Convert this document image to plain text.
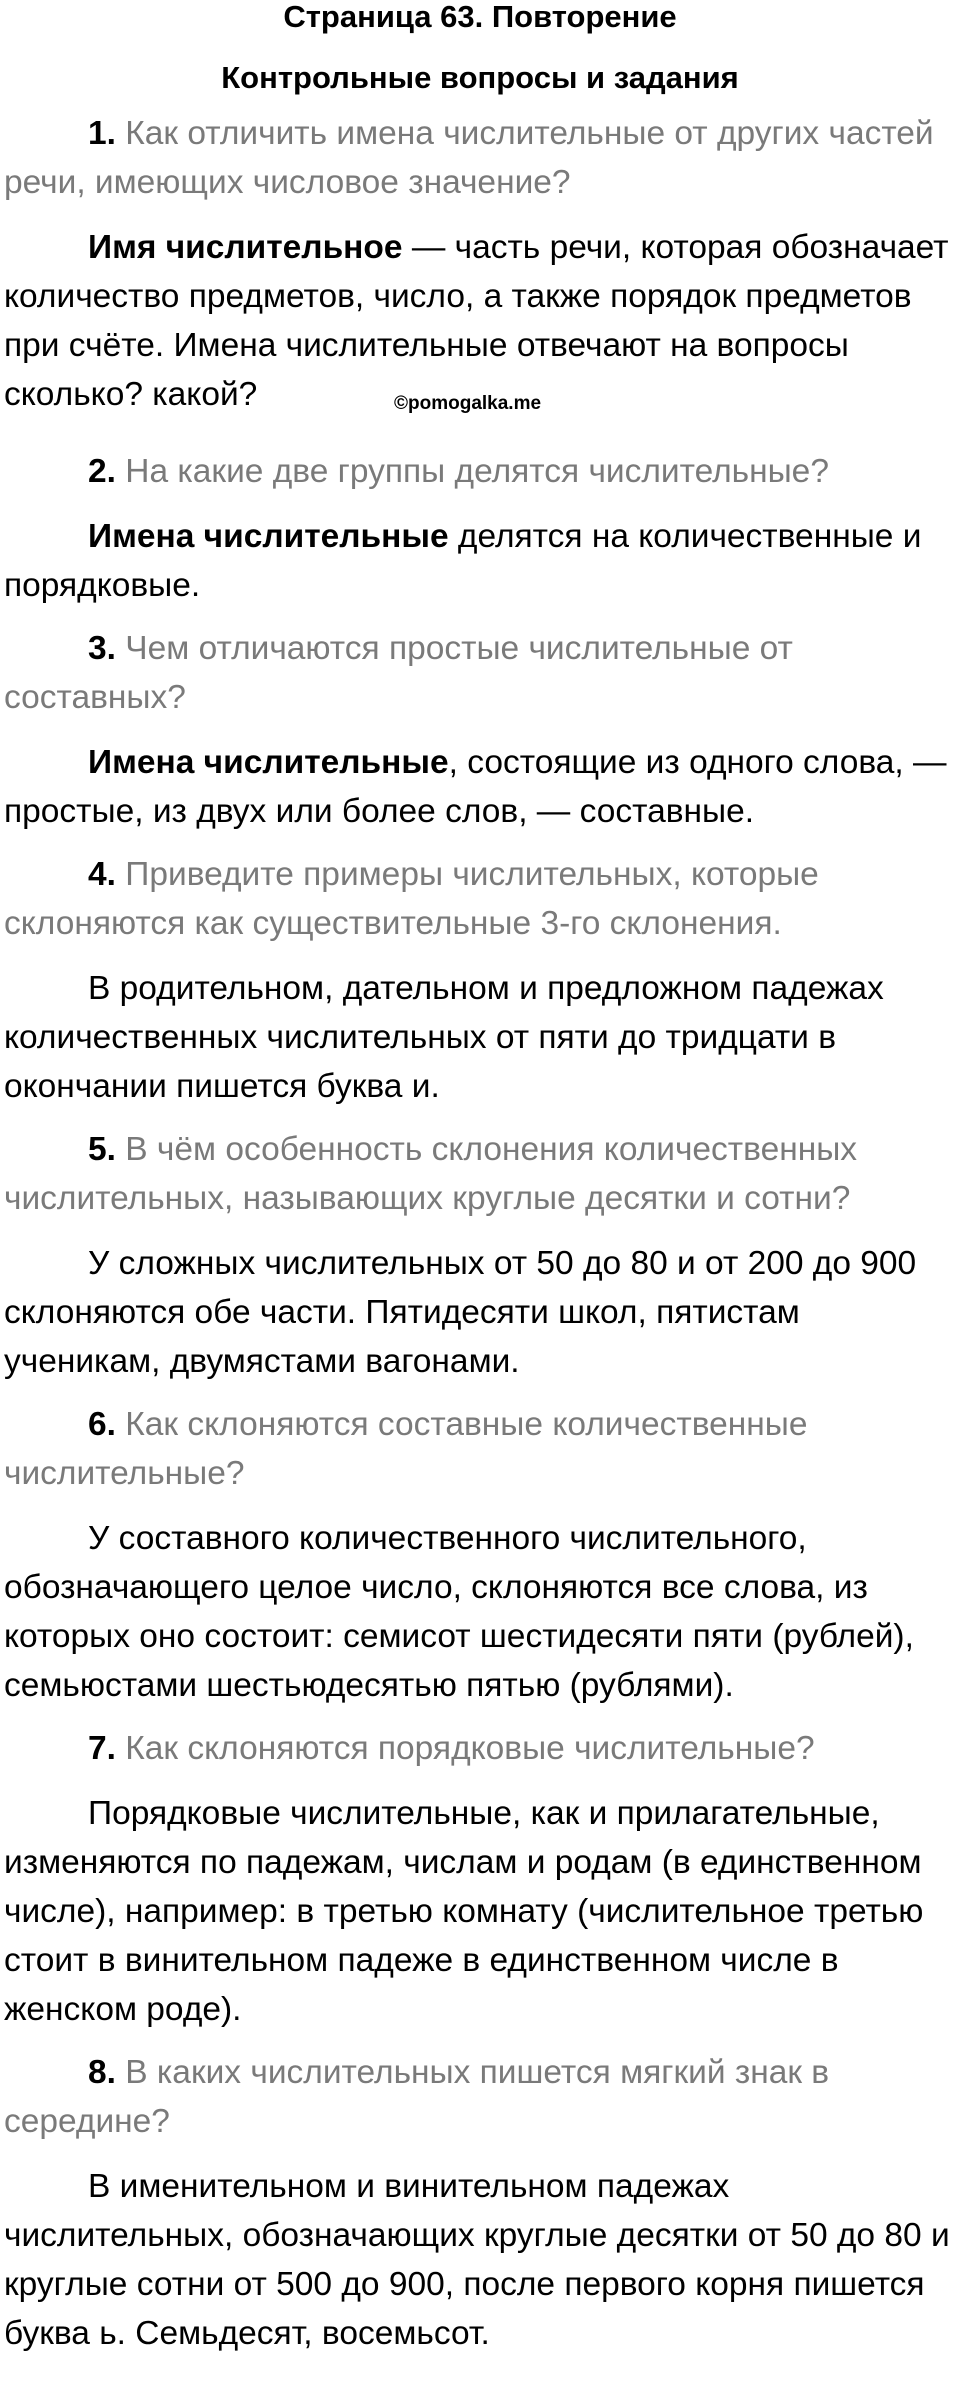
Страница 63. Повторение
Контрольные вопросы и задания
©pomogalka.me

1. Как отличить имена числительные от других частей речи, имеющих числовое значение?

Имя числительное — часть речи, которая обозначает количество предметов, число, а также порядок предметов при счёте. Имена числительные отвечают на вопросы сколько? какой?

2. На какие две группы делятся числительные?

Имена числительные делятся на количественные и порядковые.

3. Чем отличаются простые числительные от составных?

Имена числительные, состоящие из одного слова, — простые, из двух или более слов, — составные.

4. Приведите примеры числительных, которые склоняются как существительные 3-го склонения.

В родительном, дательном и предложном падежах количественных числительных от пяти до тридцати в окончании пишется буква и.

5. В чём особенность склонения количественных числительных, называющих круглые десятки и сотни?

У сложных числительных от 50 до 80 и от 200 до 900 склоняются обе части. Пятидесяти школ, пятистам ученикам, двумястами вагонами.

6. Как склоняются составные количественные числительные?

У составного количественного числительного, обозначающего целое число, склоняются все слова, из которых оно состоит: семисот шестидесяти пяти (рублей), семьюстами шестьюдесятью пятью (рублями).

7. Как склоняются порядковые числительные?

Порядковые числительные, как и прилагательные, изменяются по падежам, числам и родам (в единственном числе), например: в третью комнату (числительное третью стоит в винительном падеже в единственном числе в женском роде).

8. В каких числительных пишется мягкий знак в середине?

В именительном и винительном падежах числительных, обозначающих круглые десятки от 50 до 80 и круглые сотни от 500 до 900, после первого корня пишется буква ь. Семьдесят, восемьсот.
